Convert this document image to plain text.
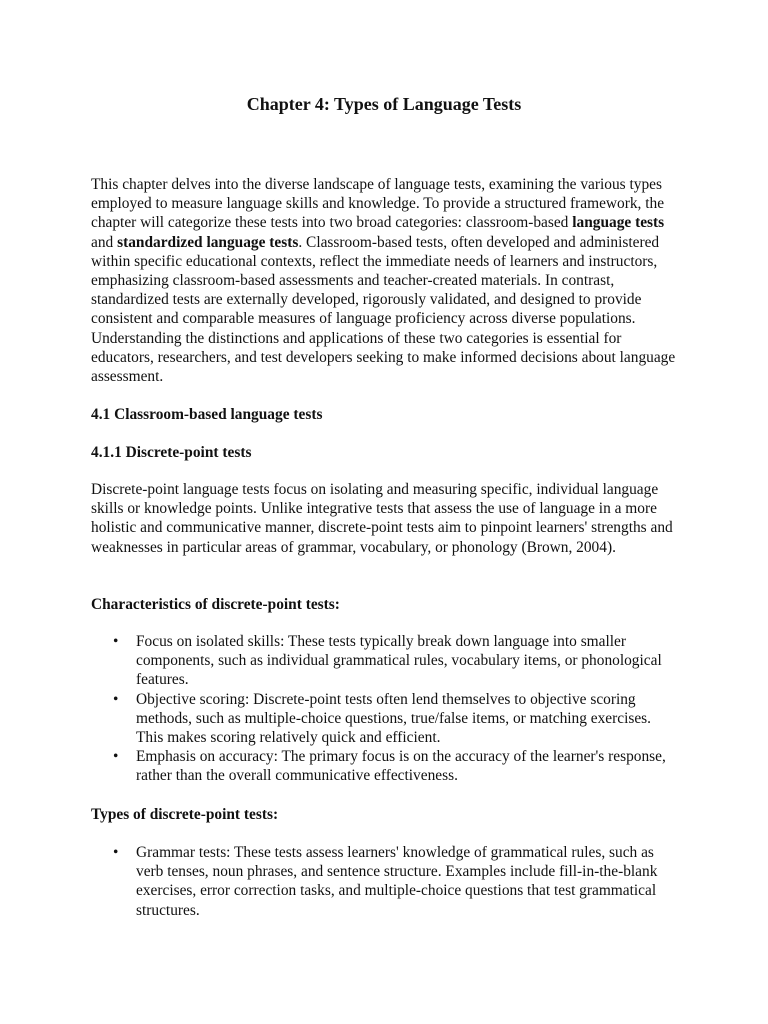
Chapter 4: Types of Language Tests

This chapter delves into the diverse landscape of language tests, examining the various types employed to measure language skills and knowledge. To provide a structured framework, the chapter will categorize these tests into two broad categories: classroom-based language tests and standardized language tests. Classroom-based tests, often developed and administered within specific educational contexts, reflect the immediate needs of learners and instructors, emphasizing classroom-based assessments and teacher-created materials. In contrast, standardized tests are externally developed, rigorously validated, and designed to provide consistent and comparable measures of language proficiency across diverse populations. Understanding the distinctions and applications of these two categories is essential for educators, researchers, and test developers seeking to make informed decisions about language assessment.

4.1 Classroom-based language tests
4.1.1 Discrete-point tests

Discrete-point language tests focus on isolating and measuring specific, individual language skills or knowledge points. Unlike integrative tests that assess the use of language in a more holistic and communicative manner, discrete-point tests aim to pinpoint learners' strengths and weaknesses in particular areas of grammar, vocabulary, or phonology (Brown, 2004).

Characteristics of discrete-point tests:
• Focus on isolated skills: These tests typically break down language into smaller components, such as individual grammatical rules, vocabulary items, or phonological features.
• Objective scoring: Discrete-point tests often lend themselves to objective scoring methods, such as multiple-choice questions, true/false items, or matching exercises. This makes scoring relatively quick and efficient.
• Emphasis on accuracy: The primary focus is on the accuracy of the learner's response, rather than the overall communicative effectiveness.
Types of discrete-point tests:
• Grammar tests: These tests assess learners' knowledge of grammatical rules, such as verb tenses, noun phrases, and sentence structure. Examples include fill-in-the-blank exercises, error correction tasks, and multiple-choice questions that test grammatical structures.
